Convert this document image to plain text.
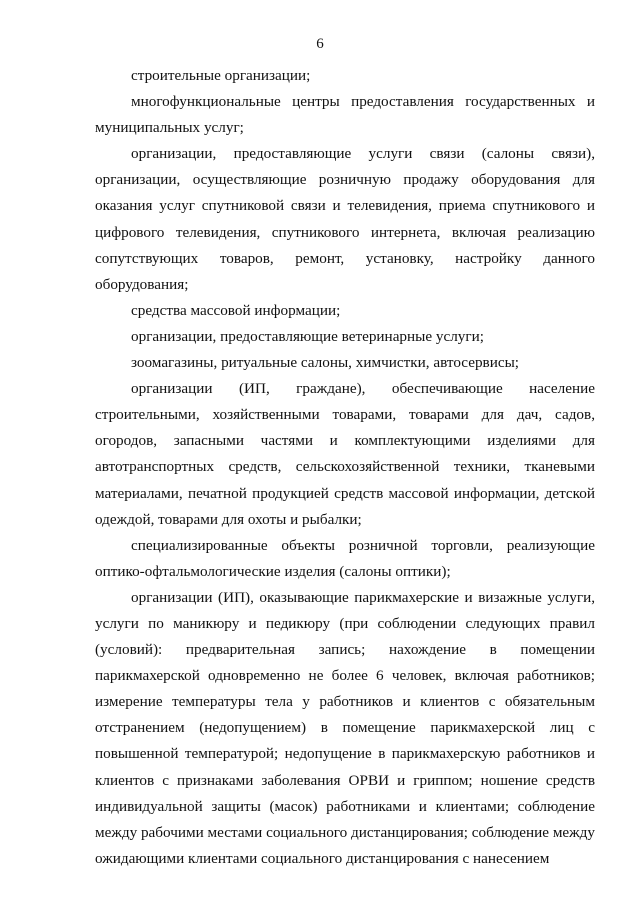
6

строительные организации;

многофункциональные центры предоставления государственных и муниципальных услуг;

организации, предоставляющие услуги связи (салоны связи), организации, осуществляющие розничную продажу оборудования для оказания услуг спутниковой связи и телевидения, приема спутникового и цифрового телевидения, спутникового интернета, включая реализацию сопутствующих товаров, ремонт, установку, настройку данного оборудования;

средства массовой информации;

организации, предоставляющие ветеринарные услуги;

зоомагазины, ритуальные салоны, химчистки, автосервисы;

организации (ИП, граждане), обеспечивающие население строительными, хозяйственными товарами, товарами для дач, садов, огородов, запасными частями и комплектующими изделиями для автотранспортных средств, сельскохозяйственной техники, тканевыми материалами, печатной продукцией средств массовой информации, детской одеждой, товарами для охоты и рыбалки;

специализированные объекты розничной торговли, реализующие оптико-офтальмологические изделия (салоны оптики);

организации (ИП), оказывающие парикмахерские и визажные услуги, услуги по маникюру и педикюру (при соблюдении следующих правил (условий): предварительная запись; нахождение в помещении парикмахерской одновременно не более 6 человек, включая работников; измерение температуры тела у работников и клиентов с обязательным отстранением (недопущением) в помещение парикмахерской лиц с повышенной температурой; недопущение в парикмахерскую работников и клиентов с признаками заболевания ОРВИ и гриппом; ношение средств индивидуальной защиты (масок) работниками и клиентами; соблюдение между рабочими местами социального дистанцирования; соблюдение между ожидающими клиентами социального дистанцирования с нанесением
